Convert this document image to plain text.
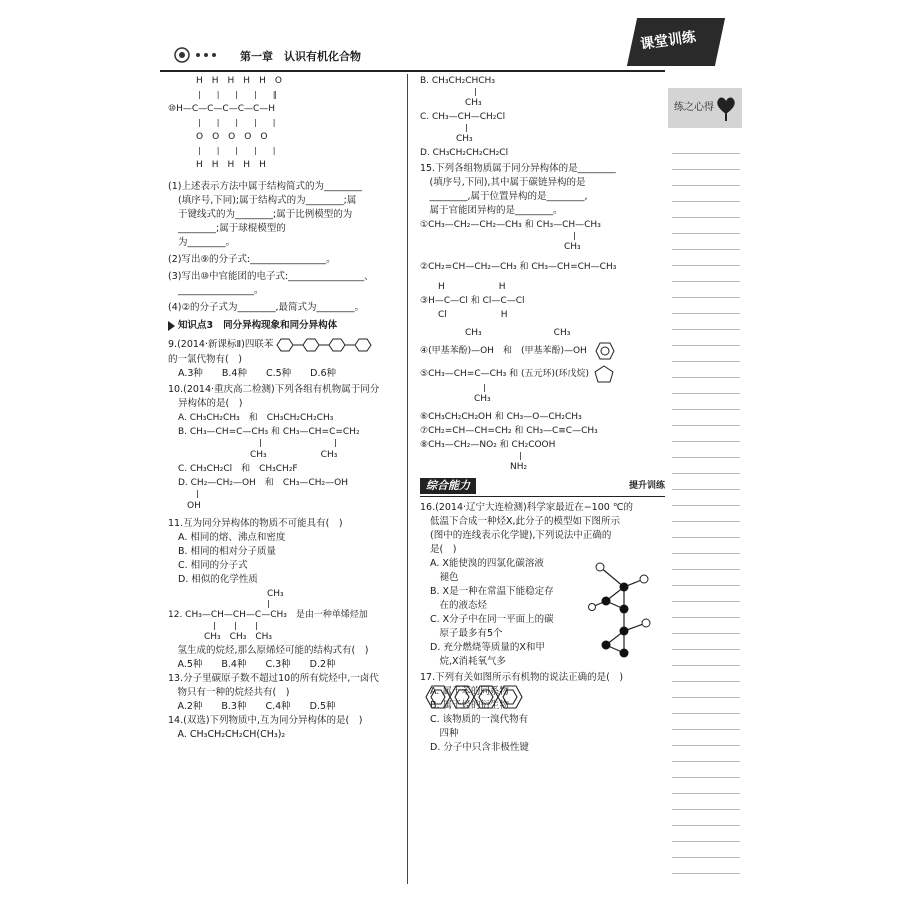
第一章　认识有机化合物
课堂训练
H　H　H　H　H　O
　　　|　　|　　|　　|　　‖
⑩H—C—C—C—C—C—H
　　　|　　|　　|　　|　　|
O　O　O　O　O
　　　|　　|　　|　　|　　|
H　H　H　H　H
(1)上述表示方法中属于结构简式的为________
(填序号,下同);属于结构式的为________;属
于键线式的为________;属于比例模型的为
________;属于球棍模型的
为________。
(2)写出⑨的分子式:________________。
(3)写出⑩中官能团的电子式:________________、
________________。
(4)②的分子式为________,最简式为________。
知识点3 同分异构现象和同分异构体
9.(2014·新课标Ⅱ)四联苯
的一氯代物有(　)
A.3种　　B.4种　　C.5种　　D.6种
10.(2014·重庆高二检测)下列各组有机物属于同分
异构体的是(　)
A. CH₃CH₂CH₃　和　CH₃CH₂CH₂CH₃
B. CH₃—CH=C—CH₃ 和 CH₃—CH=C=CH₂
　　　　　　　　　|　　　　　　　　|
　　　　　　　　CH₃　　　　　　CH₃
C. CH₃CH₂Cl　和　CH₃CH₂F
D. CH₂—CH₂—OH　和　CH₃—CH₂—OH
　　|
　OH
11.互为同分异构体的物质不可能具有(　)
A. 相同的熔、沸点和密度
B. 相同的相对分子质量
C. 相同的分子式
D. 相似的化学性质
　　　　　　　　　　　CH₃
　　　　　　　　　　　|
12. CH₃—CH—CH—C—CH₃　是由一种单烯烃加
　　　　　|　　|　　|
　　　　CH₃　CH₃　CH₃
　氢生成的烷烃,那么原烯烃可能的结构式有(　)
　A.5种　　B.4种　　C.3种　　D.2种
13.分子里碳原子数不超过10的所有烷烃中,一卤代
　物只有一种的烷烃共有(　)
　A.2种　　B.3种　　C.4种　　D.5种
14.(双选)下列物质中,互为同分异构体的是(　)
　A. CH₃CH₂CH₂CH(CH₃)₂
B. CH₃CH₂CHCH₃
　　　　　　|
　　　　　CH₃
C. CH₃—CH—CH₂Cl
　　　　　|
　　　　CH₃
D. CH₃CH₂CH₂CH₂Cl
15.下列各组物质属于同分异构体的是________
　(填序号,下同),其中属于碳链异构的是
　________,属于位置异构的是________,
　属于官能团异构的是________。
①CH₃—CH₂—CH₂—CH₃ 和 CH₃—CH—CH₃
　　　　　　　　　　　　　　　　　|
　　　　　　　　　　　　　　　　CH₃
②CH₂=CH—CH₂—CH₃ 和 CH₃—CH=CH—CH₃
　　H　　　　　　H
③H—C—Cl 和 Cl—C—Cl
　　Cl　　　　　　H
　　　　　CH₃　　　　　　　　CH₃
④(甲基苯酚)—OH　和　(甲基苯酚)—OH
⑤CH₃—CH=C—CH₃ 和 (五元环)(环戊烷)
　　　　　　　|
　　　　　　CH₃
⑥CH₃CH₂CH₂OH 和 CH₃—O—CH₂CH₃
⑦CH₂=CH—CH=CH₂ 和 CH₃—C≡C—CH₃
⑧CH₃—CH₂—NO₂ 和 CH₂COOH
　　　　　　　　　　　|
　　　　　　　　　　NH₂
综合能力	提升训练
16.(2014·辽宁大连检测)科学家最近在−100 ℃的
低温下合成一种烃X,此分子的模型如下图所示
(图中的连线表示化学键),下列说法中正确的
是(　)
A. X能使溴的四氯化碳溶液
　褪色
B. X是一种在常温下能稳定存
　在的液态烃
C. X分子中在同一平面上的碳
　原子最多有5个
D. 充分燃烧等质量的X和甲
　烷,X消耗氧气多
17.下列有关如图所示有机物的说法正确的是(　)
A. 属于苯的同系物
B. 属于烃的衍生物
C. 该物质的一溴代物有
　四种
D. 分子中只含非极性键
练之心得
